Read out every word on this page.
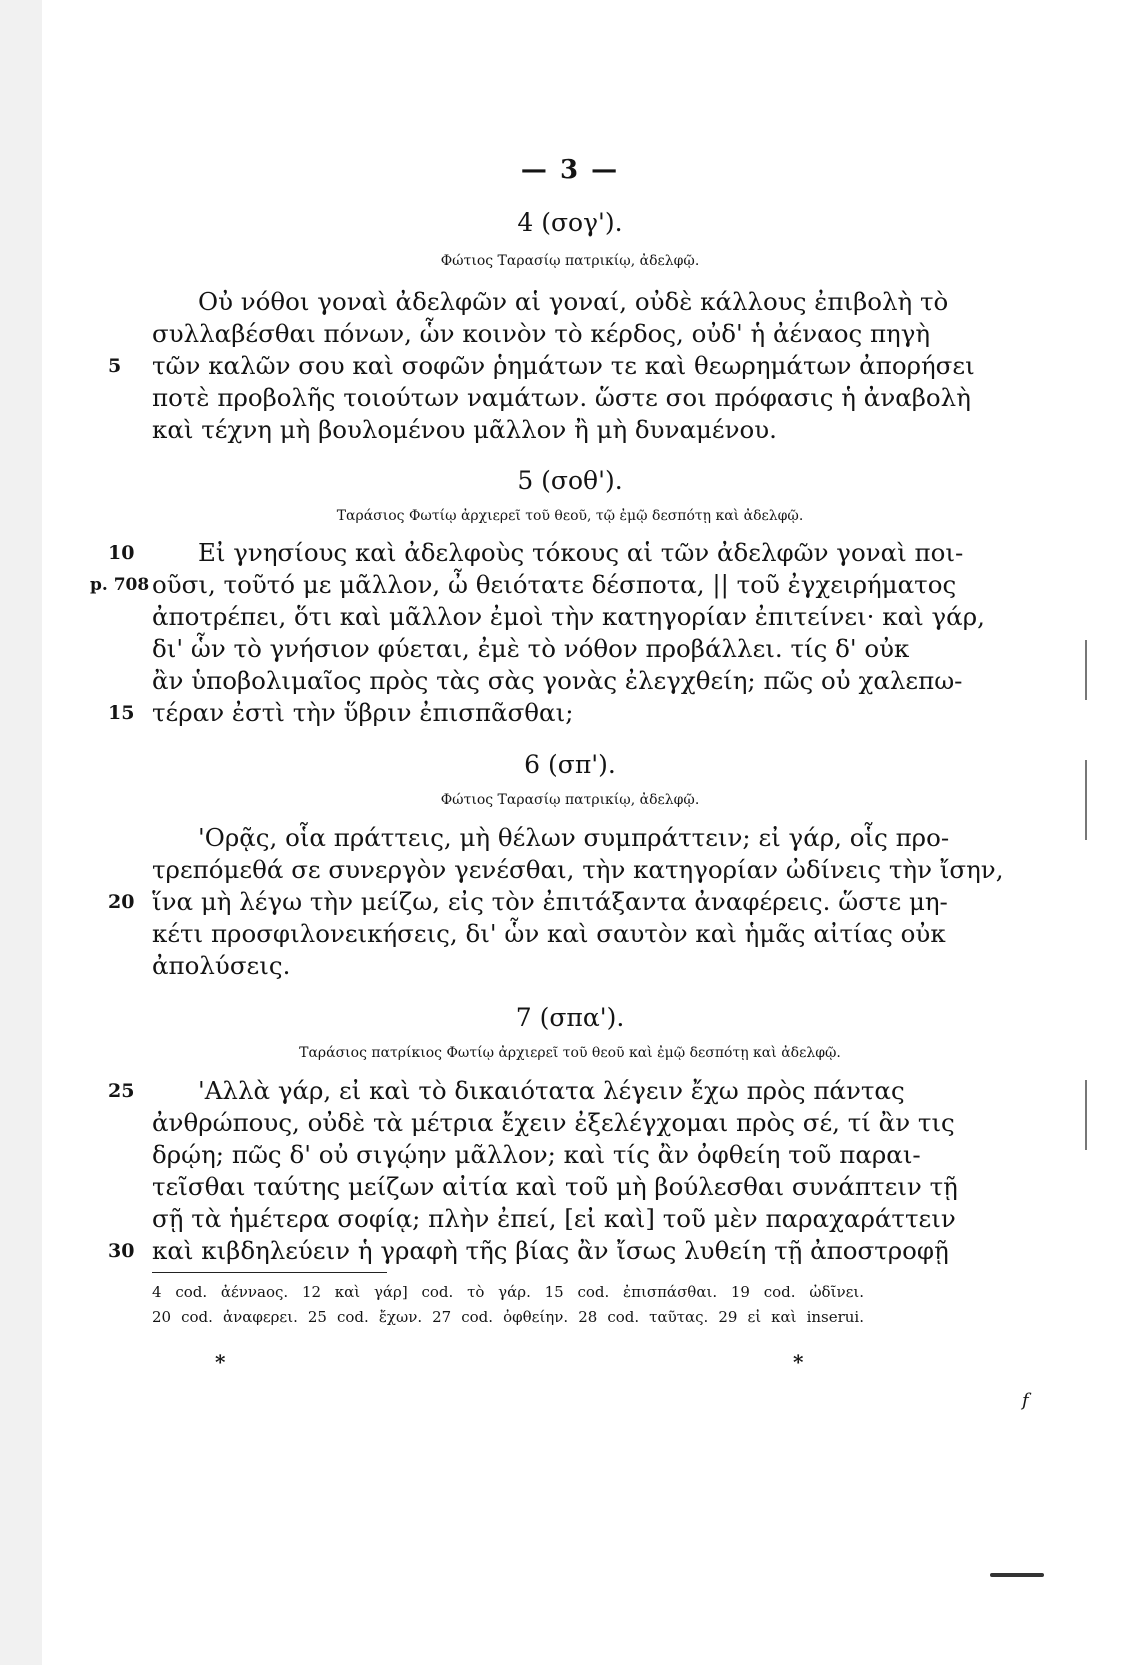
— 3 —
4 (σογ').
Φώτιος Ταρασίῳ πατρικίῳ, ἀδελφῷ.
Οὐ νόθοι γοναὶ ἀδελφῶν αἱ γοναί, οὐδὲ κάλλους ἐπιβολὴ τὸ
συλλαβέσθαι πόνων, ὧν κοινὸν τὸ κέρδος, οὐδ' ἡ ἀέναος πηγὴ
5	τῶν καλῶν σου καὶ σοφῶν ῥημάτων τε καὶ θεωρημάτων ἀπορήσει
ποτὲ προβολῆς τοιούτων ναμάτων. ὥστε σοι πρόφασις ἡ ἀναβολὴ
καὶ τέχνη μὴ βουλομένου μᾶλλον ἢ μὴ δυναμένου.
5 (σοθ').
Ταράσιος Φωτίῳ ἀρχιερεῖ τοῦ θεοῦ, τῷ ἐμῷ δεσπότῃ καὶ ἀδελφῷ.
10	Εἰ γνησίους καὶ ἀδελφοὺς τόκους αἱ τῶν ἀδελφῶν γοναὶ ποι-
p. 708 οῦσι, τοῦτό με μᾶλλον, ὦ θειότατε δέσποτα, || τοῦ ἐγχειρήματος
ἀποτρέπει, ὅτι καὶ μᾶλλον ἐμοὶ τὴν κατηγορίαν ἐπιτείνει· καὶ γάρ,
δι' ὧν τὸ γνήσιον φύεται, ἐμὲ τὸ νόθον προβάλλει. τίς δ' οὐκ
ἂν ὑποβολιμαῖος πρὸς τὰς σὰς γονὰς ἐλεγχθείη; πῶς οὐ χαλεπω-
15 τέραν ἐστὶ τὴν ὕβριν ἐπισπᾶσθαι;
6 (σπ').
Φώτιος Ταρασίῳ πατρικίῳ, ἀδελφῷ.
'Ορᾷς, οἷα πράττεις, μὴ θέλων συμπράττειν; εἰ γάρ, οἷς προ-
τρεπόμεθά σε συνεργὸν γενέσθαι, τὴν κατηγορίαν ὠδίνεις τὴν ἴσην,
20 ἵνα μὴ λέγω τὴν μείζω, εἰς τὸν ἐπιτάξαντα ἀναφέρεις. ὥστε μη-
κέτι προσφιλονεικήσεις, δι' ὧν καὶ σαυτὸν καὶ ἡμᾶς αἰτίας οὐκ
ἀπολύσεις.
7 (σπα').
Ταράσιος πατρίκιος Φωτίῳ ἀρχιερεῖ τοῦ θεοῦ καὶ ἐμῷ δεσπότῃ καὶ ἀδελφῷ.
25	'Αλλὰ γάρ, εἰ καὶ τὸ δικαιότατα λέγειν ἔχω πρὸς πάντας
ἀνθρώπους, οὐδὲ τὰ μέτρια ἔχειν ἐξελέγχομαι πρὸς σέ, τί ἂν τις
δρῴη; πῶς δ' οὐ σιγῴην μᾶλλον; καὶ τίς ἂν ὀφθείη τοῦ παραι-
τεῖσθαι ταύτης μείζων αἰτία καὶ τοῦ μὴ βούλεσθαι συνάπτειν τῇ
σῇ τὰ ἡμέτερα σοφίᾳ; πλὴν ἐπεί, [εἰ καὶ] τοῦ μὲν παραχαράττειν
30 καὶ κιβδηλεύειν ἡ γραφὴ τῆς βίας ἂν ἴσως λυθείη τῇ ἀποστροφῇ
4 cod. ἀέννaος. 12 καὶ γάρ] cod. τὸ γάρ. 15 cod. ἐπισπάσθαι. 19 cod. ὠδῖνει.
20 cod. ἀναφερει. 25 cod. ἔχων. 27 cod. ὀφθείην. 28 cod. ταῦτας. 29 εἰ καὶ inserui.
*	*
f
